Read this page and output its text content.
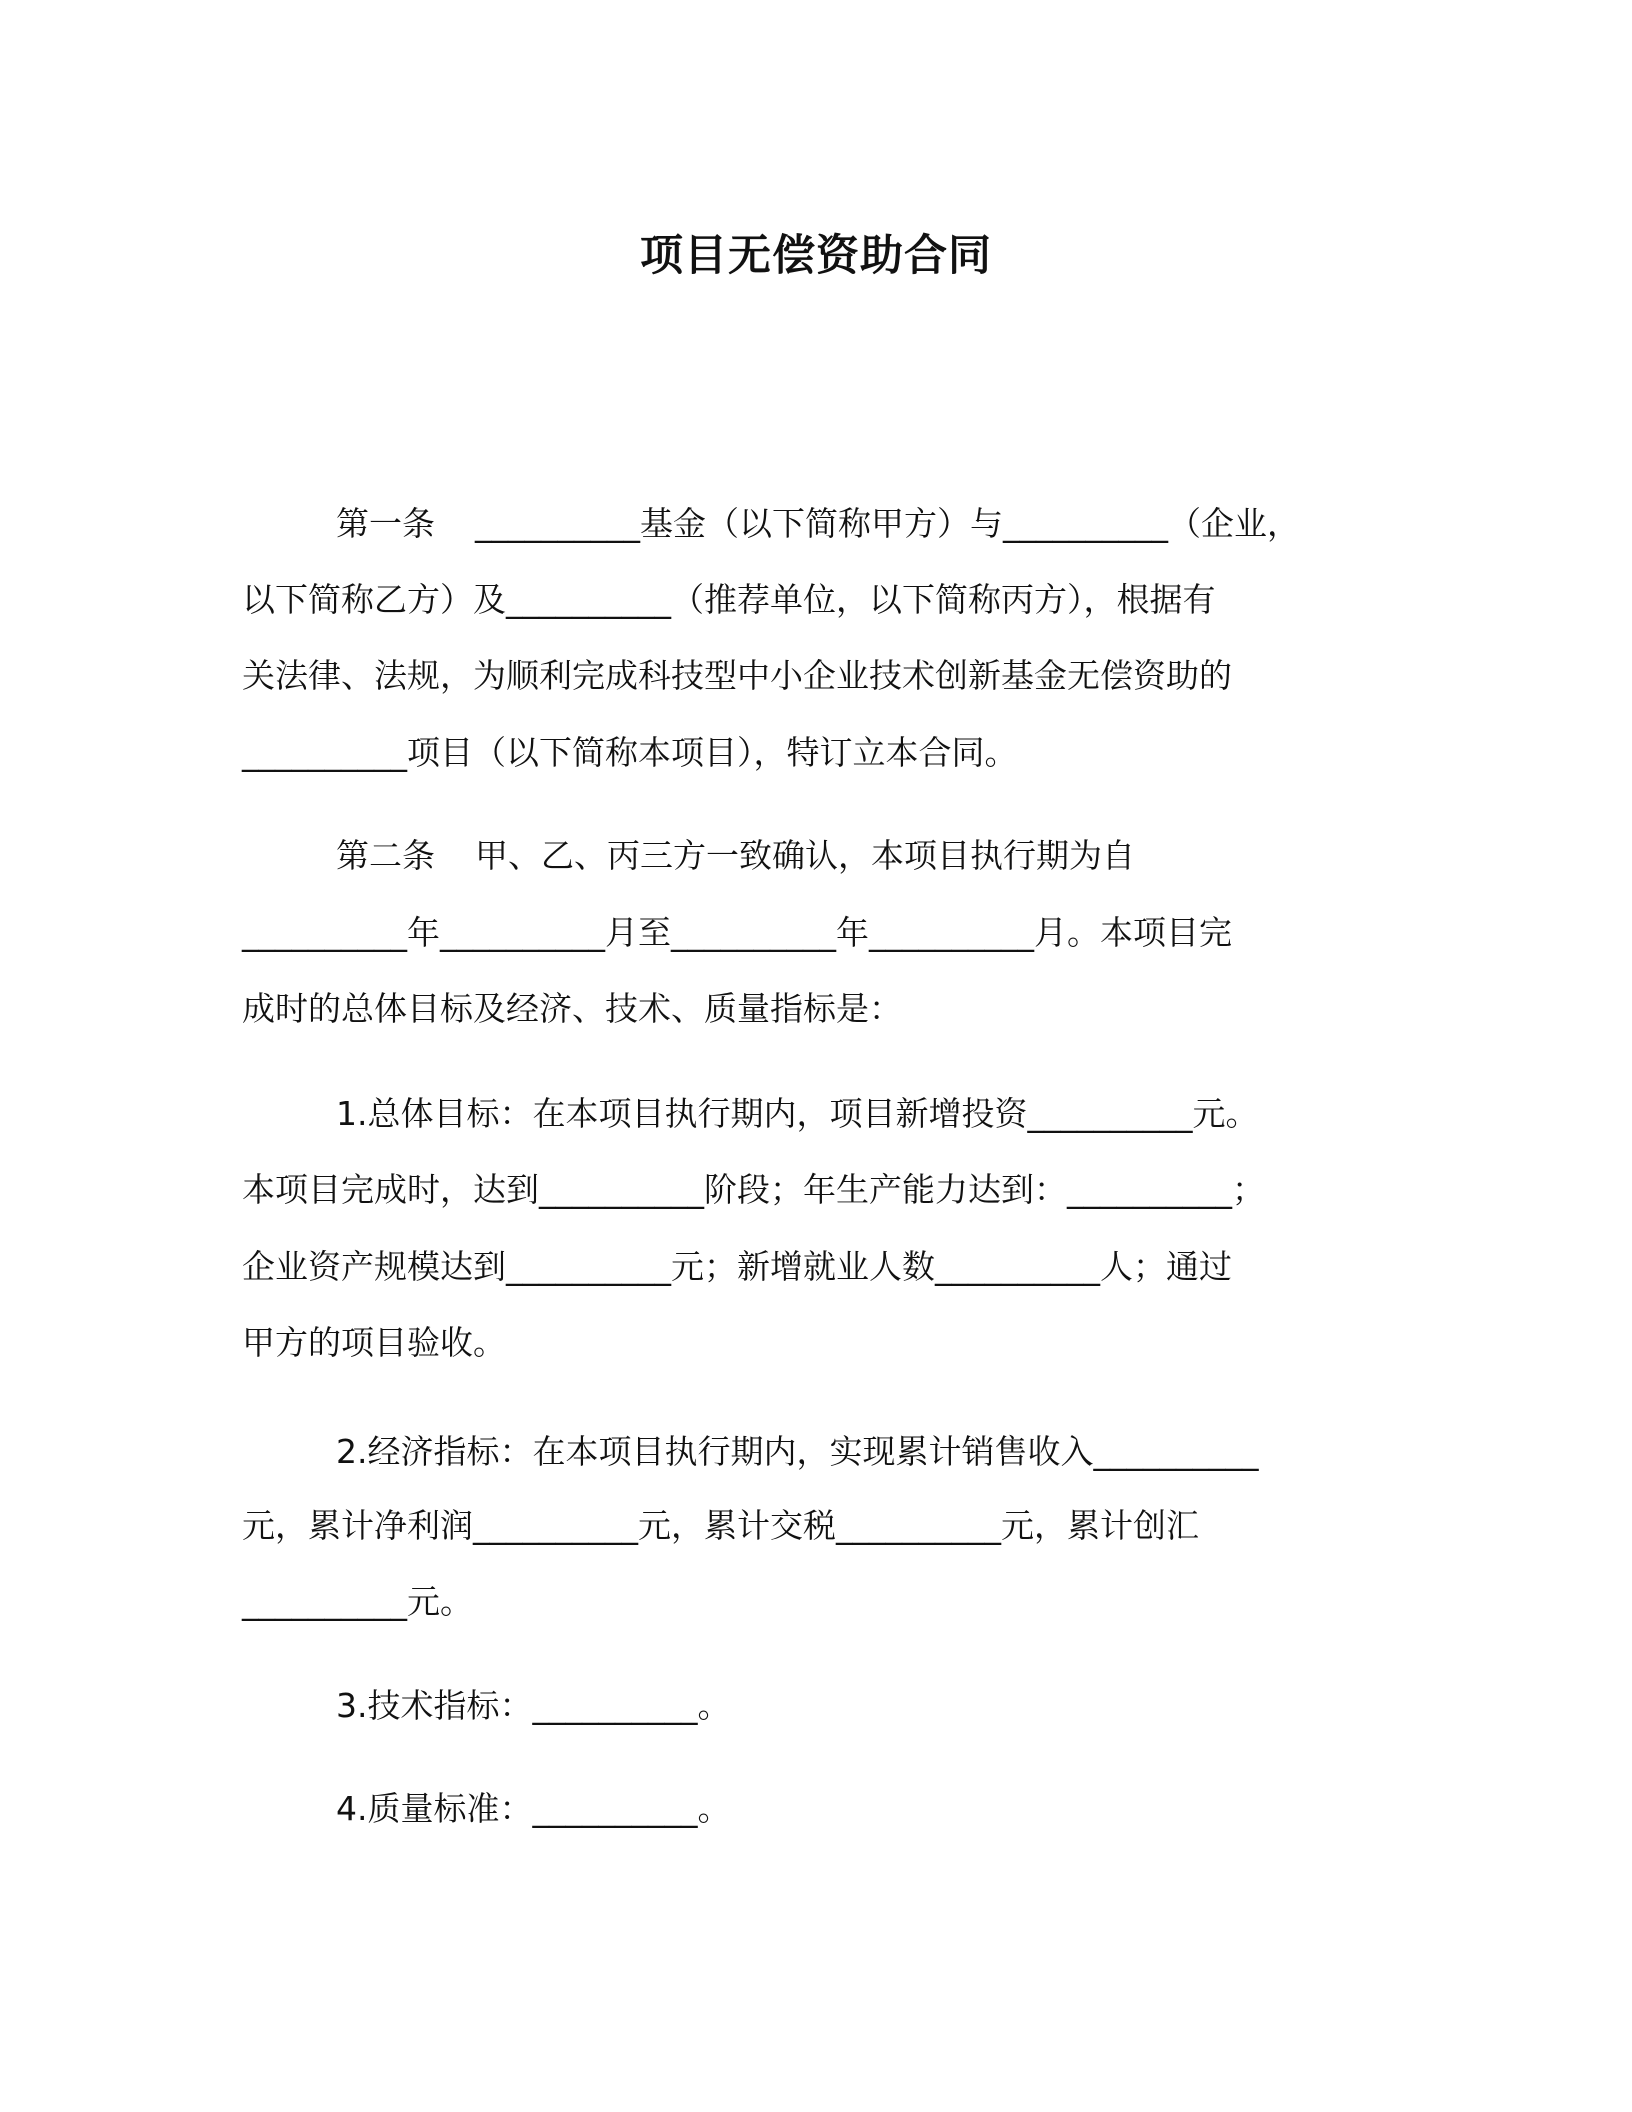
项目无偿资助合同
第一条 __________基金（以下简称甲方）与__________（企业，
以下简称乙方）及__________（推荐单位，以下简称丙方），根据有
关法律、法规，为顺利完成科技型中小企业技术创新基金无偿资助的
__________项目（以下简称本项目），特订立本合同。
第二条 甲、乙、丙三方一致确认，本项目执行期为自
__________年__________月至__________年__________月。本项目完
成时的总体目标及经济、技术、质量指标是：
1.总体目标：在本项目执行期内，项目新增投资__________元。
本项目完成时，达到__________阶段；年生产能力达到：__________；
企业资产规模达到__________元；新增就业人数__________人；通过
甲方的项目验收。
2.经济指标：在本项目执行期内，实现累计销售收入__________
元，累计净利润__________元，累计交税__________元，累计创汇
__________元。
3.技术指标：__________。
4.质量标准：__________。
